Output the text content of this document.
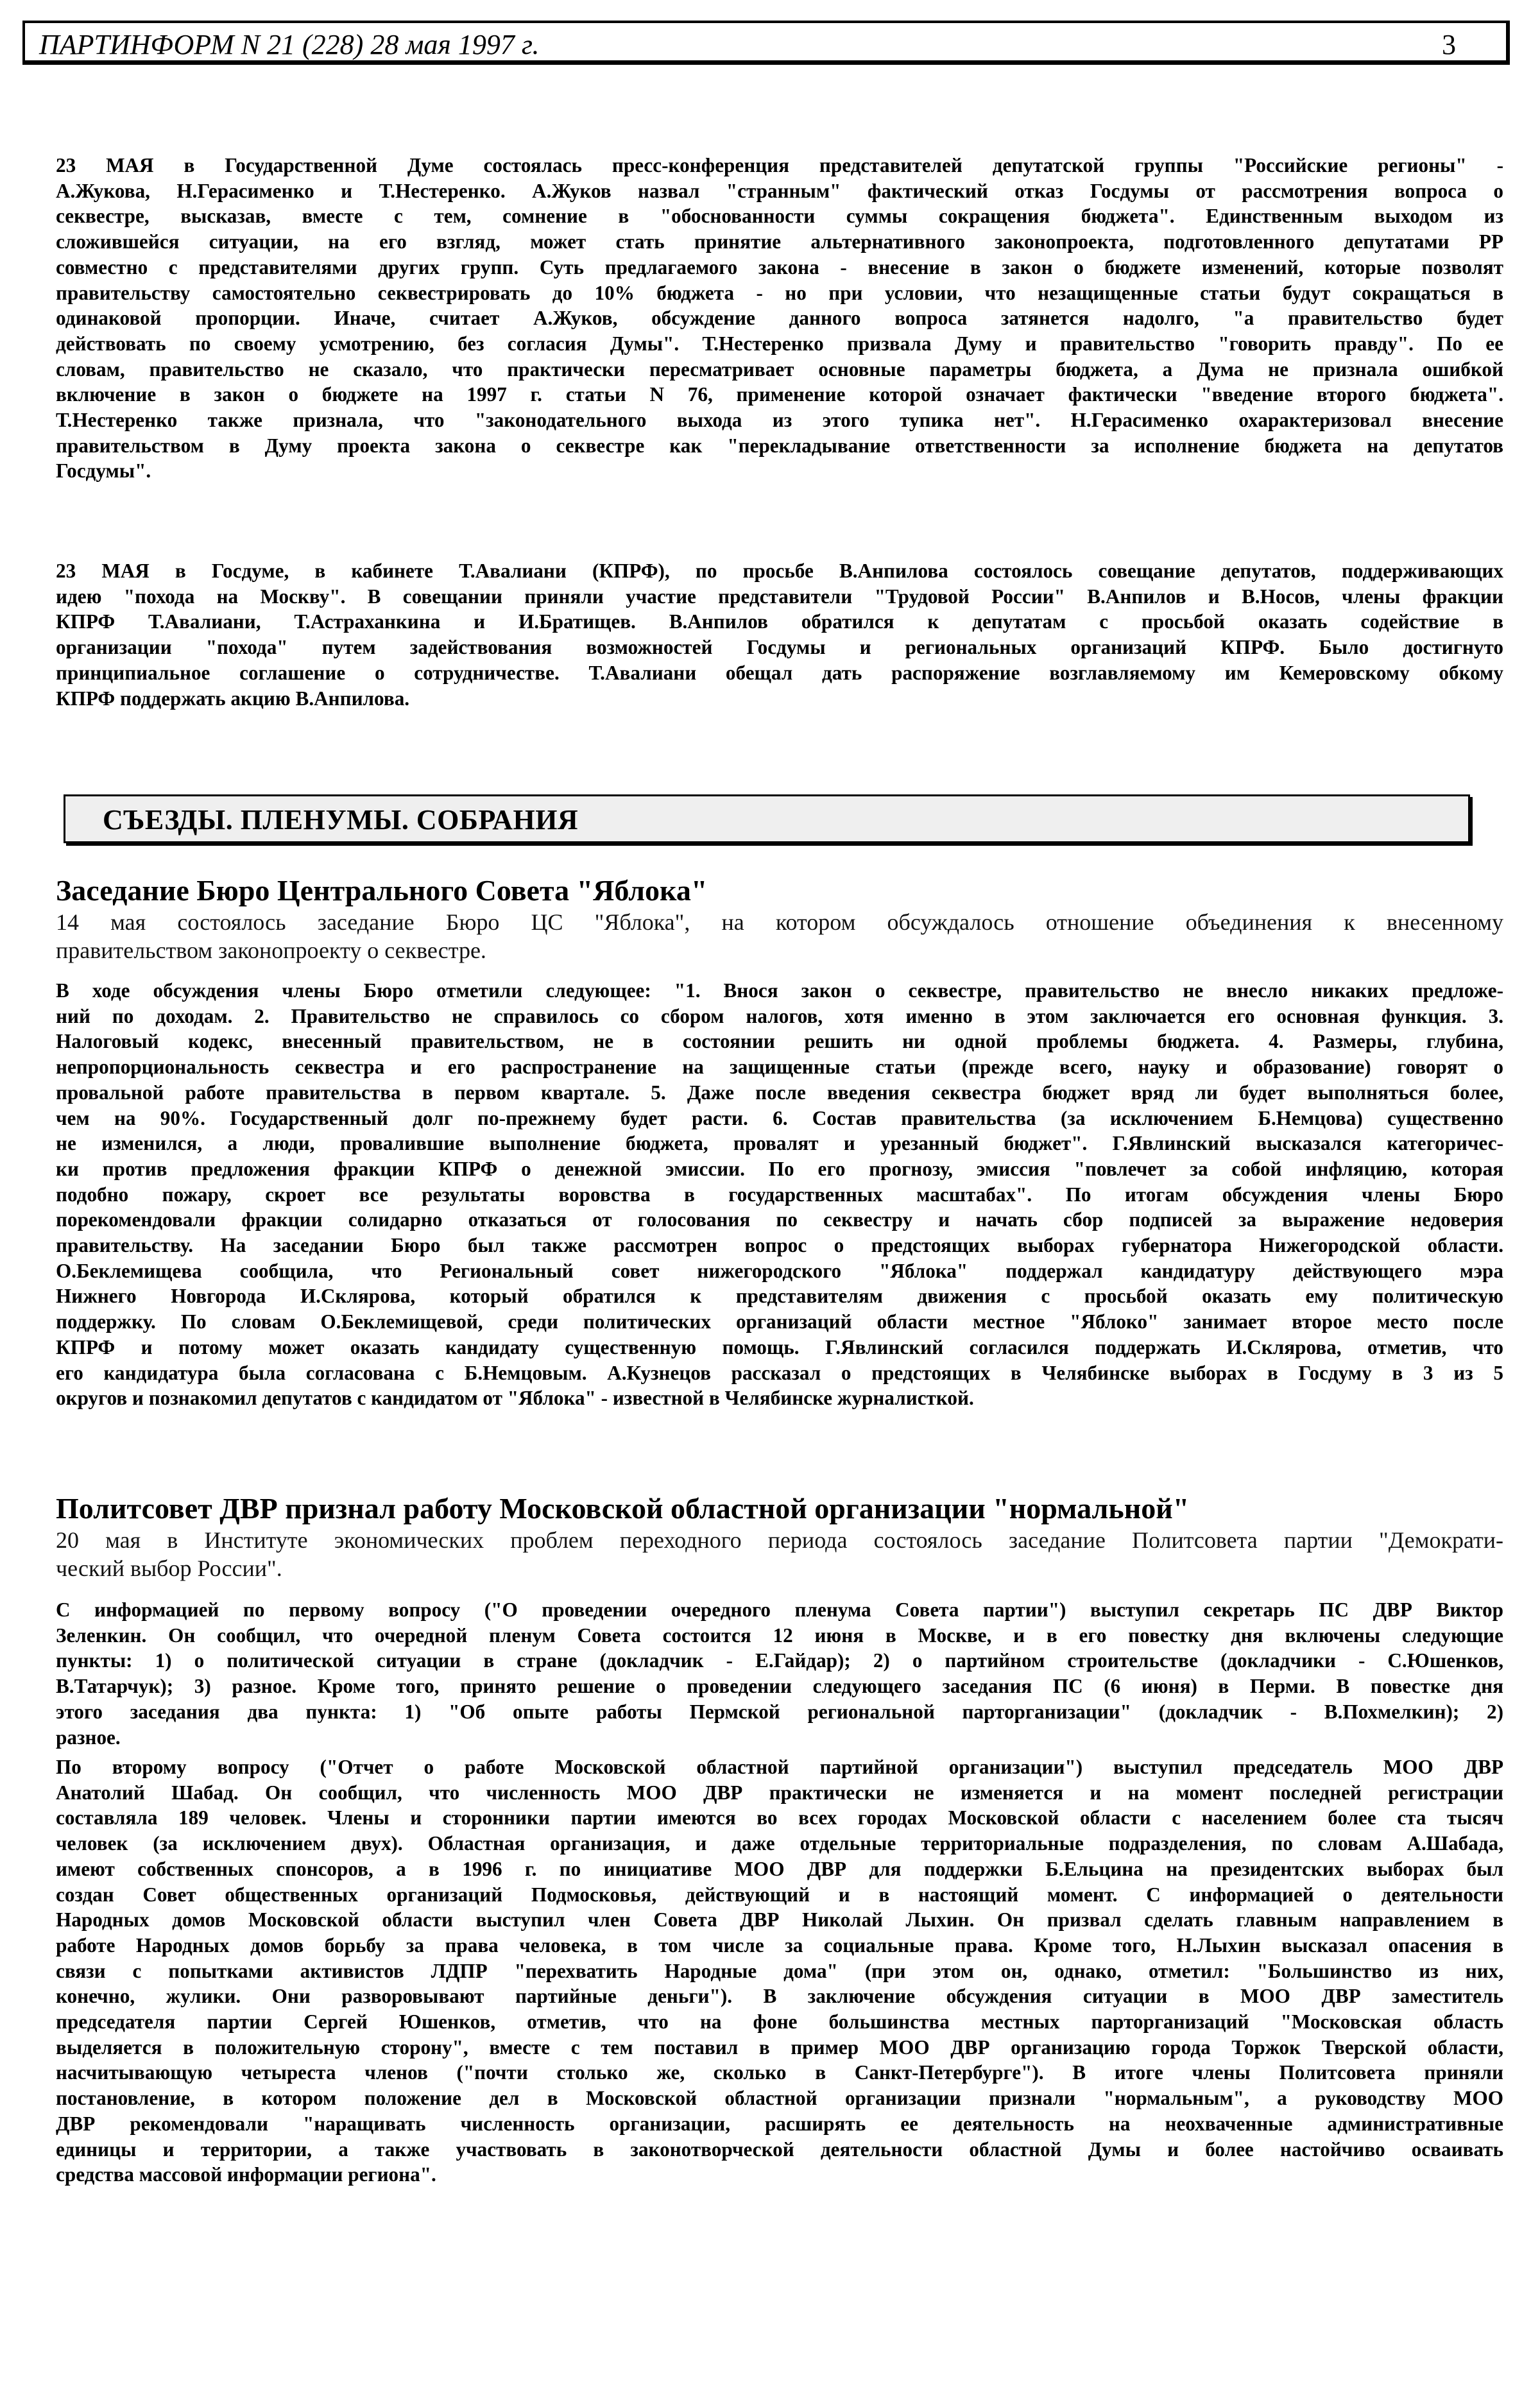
ПАРТИНФОРМ N 21 (228) 28 мая 1997 г.	3
23 МАЯ в Государственной Думе состоялась пресс-конференция представителей депутатской группы "Российские регионы" -
А.Жукова, Н.Герасименко и Т.Нестеренко. А.Жуков назвал "странным" фактический отказ Госдумы от рассмотрения вопроса о
секвестре, высказав, вместе с тем, сомнение в "обоснованности суммы сокращения бюджета". Единственным выходом из
сложившейся ситуации, на его взгляд, может стать принятие альтернативного законопроекта, подготовленного депутатами РР
совместно с представителями других групп. Суть предлагаемого закона - внесение в закон о бюджете изменений, которые позволят
правительству самостоятельно секвестрировать до 10% бюджета - но при условии, что незащищенные статьи будут сокращаться в
одинаковой пропорции. Иначе, считает А.Жуков, обсуждение данного вопроса затянется надолго, "а правительство будет
действовать по своему усмотрению, без согласия Думы". Т.Нестеренко призвала Думу и правительство "говорить правду". По ее
словам, правительство не сказало, что практически пересматривает основные параметры бюджета, а Дума не признала ошибкой
включение в закон о бюджете на 1997 г. статьи N 76, применение которой означает фактически "введение второго бюджета".
Т.Нестеренко также признала, что "законодательного выхода из этого тупика нет". Н.Герасименко охарактеризовал внесение
правительством в Думу проекта закона о секвестре как "перекладывание ответственности за исполнение бюджета на депутатов
Госдумы".
23 МАЯ в Госдуме, в кабинете Т.Авалиани (КПРФ), по просьбе В.Анпилова состоялось совещание депутатов, поддерживающих
идею "похода на Москву". В совещании приняли участие представители "Трудовой России" В.Анпилов и В.Носов, члены фракции
КПРФ Т.Авалиани, Т.Астраханкина и И.Братищев. В.Анпилов обратился к депутатам с просьбой оказать содействие в
организации "похода" путем задействования возможностей Госдумы и региональных организаций КПРФ. Было достигнуто
принципиальное соглашение о сотрудничестве. Т.Авалиани обещал дать распоряжение возглавляемому им Кемеровскому обкому
КПРФ поддержать акцию В.Анпилова.
СЪЕЗДЫ. ПЛЕНУМЫ. СОБРАНИЯ
Заседание Бюро Центрального Совета "Яблока"
14 мая состоялось заседание Бюро ЦС "Яблока", на котором обсуждалось отношение объединения к внесенному
правительством законопроекту о секвестре.
В ходе обсуждения члены Бюро отметили следующее: "1. Внося закон о секвестре, правительство не внесло никаких предложе-
ний по доходам. 2. Правительство не справилось со сбором налогов, хотя именно в этом заключается его основная функция. 3.
Налоговый кодекс, внесенный правительством, не в состоянии решить ни одной проблемы бюджета. 4. Размеры, глубина,
непропорциональность секвестра и его распространение на защищенные статьи (прежде всего, науку и образование) говорят о
провальной работе правительства в первом квартале. 5. Даже после введения секвестра бюджет вряд ли будет выполняться более,
чем на 90%. Государственный долг по-прежнему будет расти. 6. Состав правительства (за исключением Б.Немцова) существенно
не изменился, а люди, провалившие выполнение бюджета, провалят и урезанный бюджет". Г.Явлинский высказался категоричес-
ки против предложения фракции КПРФ о денежной эмиссии. По его прогнозу, эмиссия "повлечет за собой инфляцию, которая
подобно пожару, скроет все результаты воровства в государственных масштабах". По итогам обсуждения члены Бюро
порекомендовали фракции солидарно отказаться от голосования по секвестру и начать сбор подписей за выражение недоверия
правительству. На заседании Бюро был также рассмотрен вопрос о предстоящих выборах губернатора Нижегородской области.
О.Беклемищева сообщила, что Региональный совет нижегородского "Яблока" поддержал кандидатуру действующего мэра
Нижнего Новгорода И.Склярова, который обратился к представителям движения с просьбой оказать ему политическую
поддержку. По словам О.Беклемищевой, среди политических организаций области местное "Яблоко" занимает второе место после
КПРФ и потому может оказать кандидату существенную помощь. Г.Явлинский согласился поддержать И.Склярова, отметив, что
его кандидатура была согласована с Б.Немцовым. А.Кузнецов рассказал о предстоящих в Челябинске выборах в Госдуму в 3 из 5
округов и познакомил депутатов с кандидатом от "Яблока" - известной в Челябинске журналисткой.
Политсовет ДВР признал работу Московской областной организации "нормальной"
20 мая в Институте экономических проблем переходного периода состоялось заседание Политсовета партии "Демократи-
ческий выбор России".
С информацией по первому вопросу ("О проведении очередного пленума Совета партии") выступил секретарь ПС ДВР Виктор
Зеленкин. Он сообщил, что очередной пленум Совета состоится 12 июня в Москве, и в его повестку дня включены следующие
пункты: 1) о политической ситуации в стране (докладчик - Е.Гайдар); 2) о партийном строительстве (докладчики - С.Юшенков,
В.Татарчук); 3) разное. Кроме того, принято решение о проведении следующего заседания ПС (6 июня) в Перми. В повестке дня
этого заседания два пункта: 1) "Об опыте работы Пермской региональной парторганизации" (докладчик - В.Похмелкин); 2)
разное.
По второму вопросу ("Отчет о работе Московской областной партийной организации") выступил председатель МОО ДВР
Анатолий Шабад. Он сообщил, что численность МОО ДВР практически не изменяется и на момент последней регистрации
составляла 189 человек. Члены и сторонники партии имеются во всех городах Московской области с населением более ста тысяч
человек (за исключением двух). Областная организация, и даже отдельные территориальные подразделения, по словам А.Шабада,
имеют собственных спонсоров, а в 1996 г. по инициативе МОО ДВР для поддержки Б.Ельцина на президентских выборах был
создан Совет общественных организаций Подмосковья, действующий и в настоящий момент. С информацией о деятельности
Народных домов Московской области выступил член Совета ДВР Николай Лыхин. Он призвал сделать главным направлением в
работе Народных домов борьбу за права человека, в том числе за социальные права. Кроме того, Н.Лыхин высказал опасения в
связи с попытками активистов ЛДПР "перехватить Народные дома" (при этом он, однако, отметил: "Большинство из них,
конечно, жулики. Они разворовывают партийные деньги"). В заключение обсуждения ситуации в МОО ДВР заместитель
председателя партии Сергей Юшенков, отметив, что на фоне большинства местных парторганизаций "Московская область
выделяется в положительную сторону", вместе с тем поставил в пример МОО ДВР организацию города Торжок Тверской области,
насчитывающую четыреста членов ("почти столько же, сколько в Санкт-Петербурге"). В итоге члены Политсовета приняли
постановление, в котором положение дел в Московской областной организации признали "нормальным", а руководству МОО
ДВР рекомендовали "наращивать численность организации, расширять ее деятельность на неохваченные административные
единицы и территории, а также участвовать в законотворческой деятельности областной Думы и более настойчиво осваивать
средства массовой информации региона".
